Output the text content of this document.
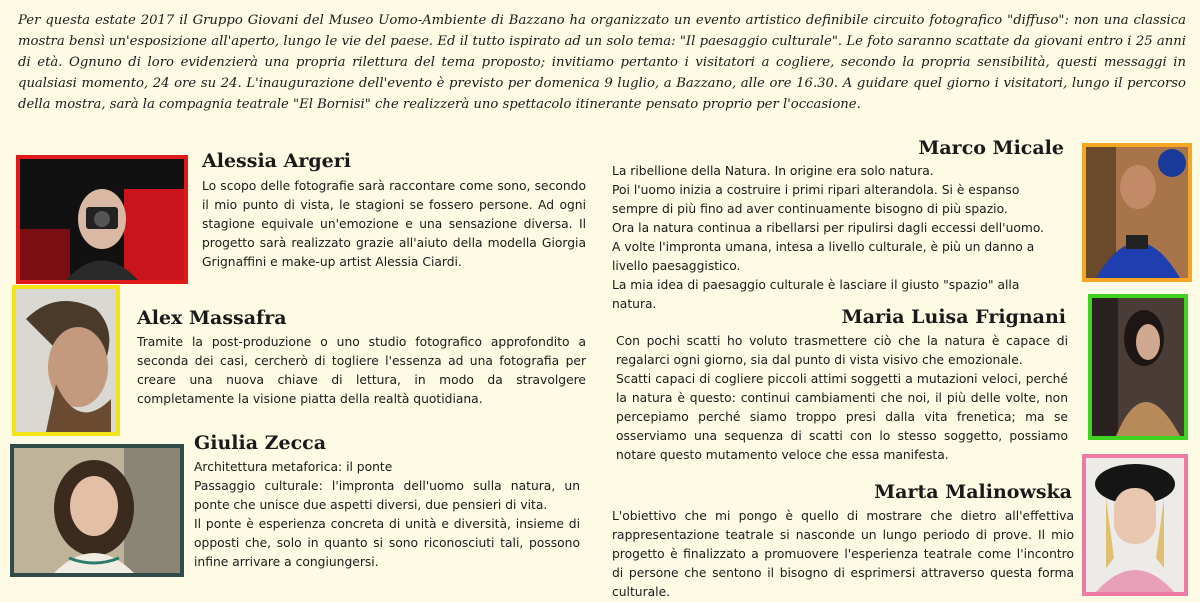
Per questa estate 2017 il Gruppo Giovani del Museo Uomo-Ambiente di Bazzano ha organizzato un evento artistico definibile circuito fotografico "diffuso": non una classica mostra bensì un'esposizione all'aperto, lungo le vie del paese. Ed il tutto ispirato ad un solo tema: "Il paesaggio culturale". Le foto saranno scattate da giovani entro i 25 anni di età. Ognuno di loro evidenzierà una propria rilettura del tema proposto; invitiamo pertanto i visitatori a cogliere, secondo la propria sensibilità, questi messaggi in qualsiasi momento, 24 ore su 24. L'inaugurazione dell'evento è previsto per domenica 9 luglio, a Bazzano, alle ore 16.30. A guidare quel giorno i visitatori, lungo il percorso della mostra, sarà la compagnia teatrale "El Bornisi" che realizzerà uno spettacolo itinerante pensato proprio per l'occasione.

Alessia Argeri

Lo scopo delle fotografie sarà raccontare come sono, secondo il mio punto di vista, le stagioni se fossero persone. Ad ogni stagione equivale un'emozione e una sensazione diversa. Il progetto sarà realizzato grazie all'aiuto della modella Giorgia Grignaffini e make-up artist Alessia Ciardi.

Alex Massafra

Tramite la post-produzione o uno studio fotografico approfondito a seconda dei casi, cercherò di togliere l'essenza ad una fotografia per creare una nuova chiave di lettura, in modo da stravolgere completamente la visione piatta della realtà quotidiana.

Giulia Zecca

Architettura metaforica: il ponte

Passaggio culturale: l'impronta dell'uomo sulla natura, un ponte che unisce due aspetti diversi, due pensieri di vita.

Il ponte è esperienza concreta di unità e diversità, insieme di opposti che, solo in quanto si sono riconosciuti tali, possono infine arrivare a congiungersi.

Marco Micale

La ribellione della Natura. In origine era solo natura.

Poi l'uomo inizia a costruire i primi ripari alterandola. Si è espanso sempre di più fino ad aver continuamente bisogno di più spazio.

Ora la natura continua a ribellarsi per ripulirsi dagli eccessi dell'uomo.

A volte l'impronta umana, intesa a livello culturale, è più un danno a livello paesaggistico.

La mia idea di paesaggio culturale è lasciare il giusto "spazio" alla natura.

Maria Luisa Frignani

Con pochi scatti ho voluto trasmettere ciò che la natura è capace di regalarci ogni giorno, sia dal punto di vista visivo che emozionale.

Scatti capaci di cogliere piccoli attimi soggetti a mutazioni veloci, perché la natura è questo: continui cambiamenti che noi, il più delle volte, non percepiamo perché siamo troppo presi dalla vita frenetica; ma se osserviamo una sequenza di scatti con lo stesso soggetto, possiamo notare questo mutamento veloce che essa manifesta.

Marta Malinowska

L'obiettivo che mi pongo è quello di mostrare che dietro all'effettiva rappresentazione teatrale si nasconde un lungo periodo di prove. Il mio progetto è finalizzato a promuovere l'esperienza teatrale come l'incontro di persone che sentono il bisogno di esprimersi attraverso questa forma culturale.
